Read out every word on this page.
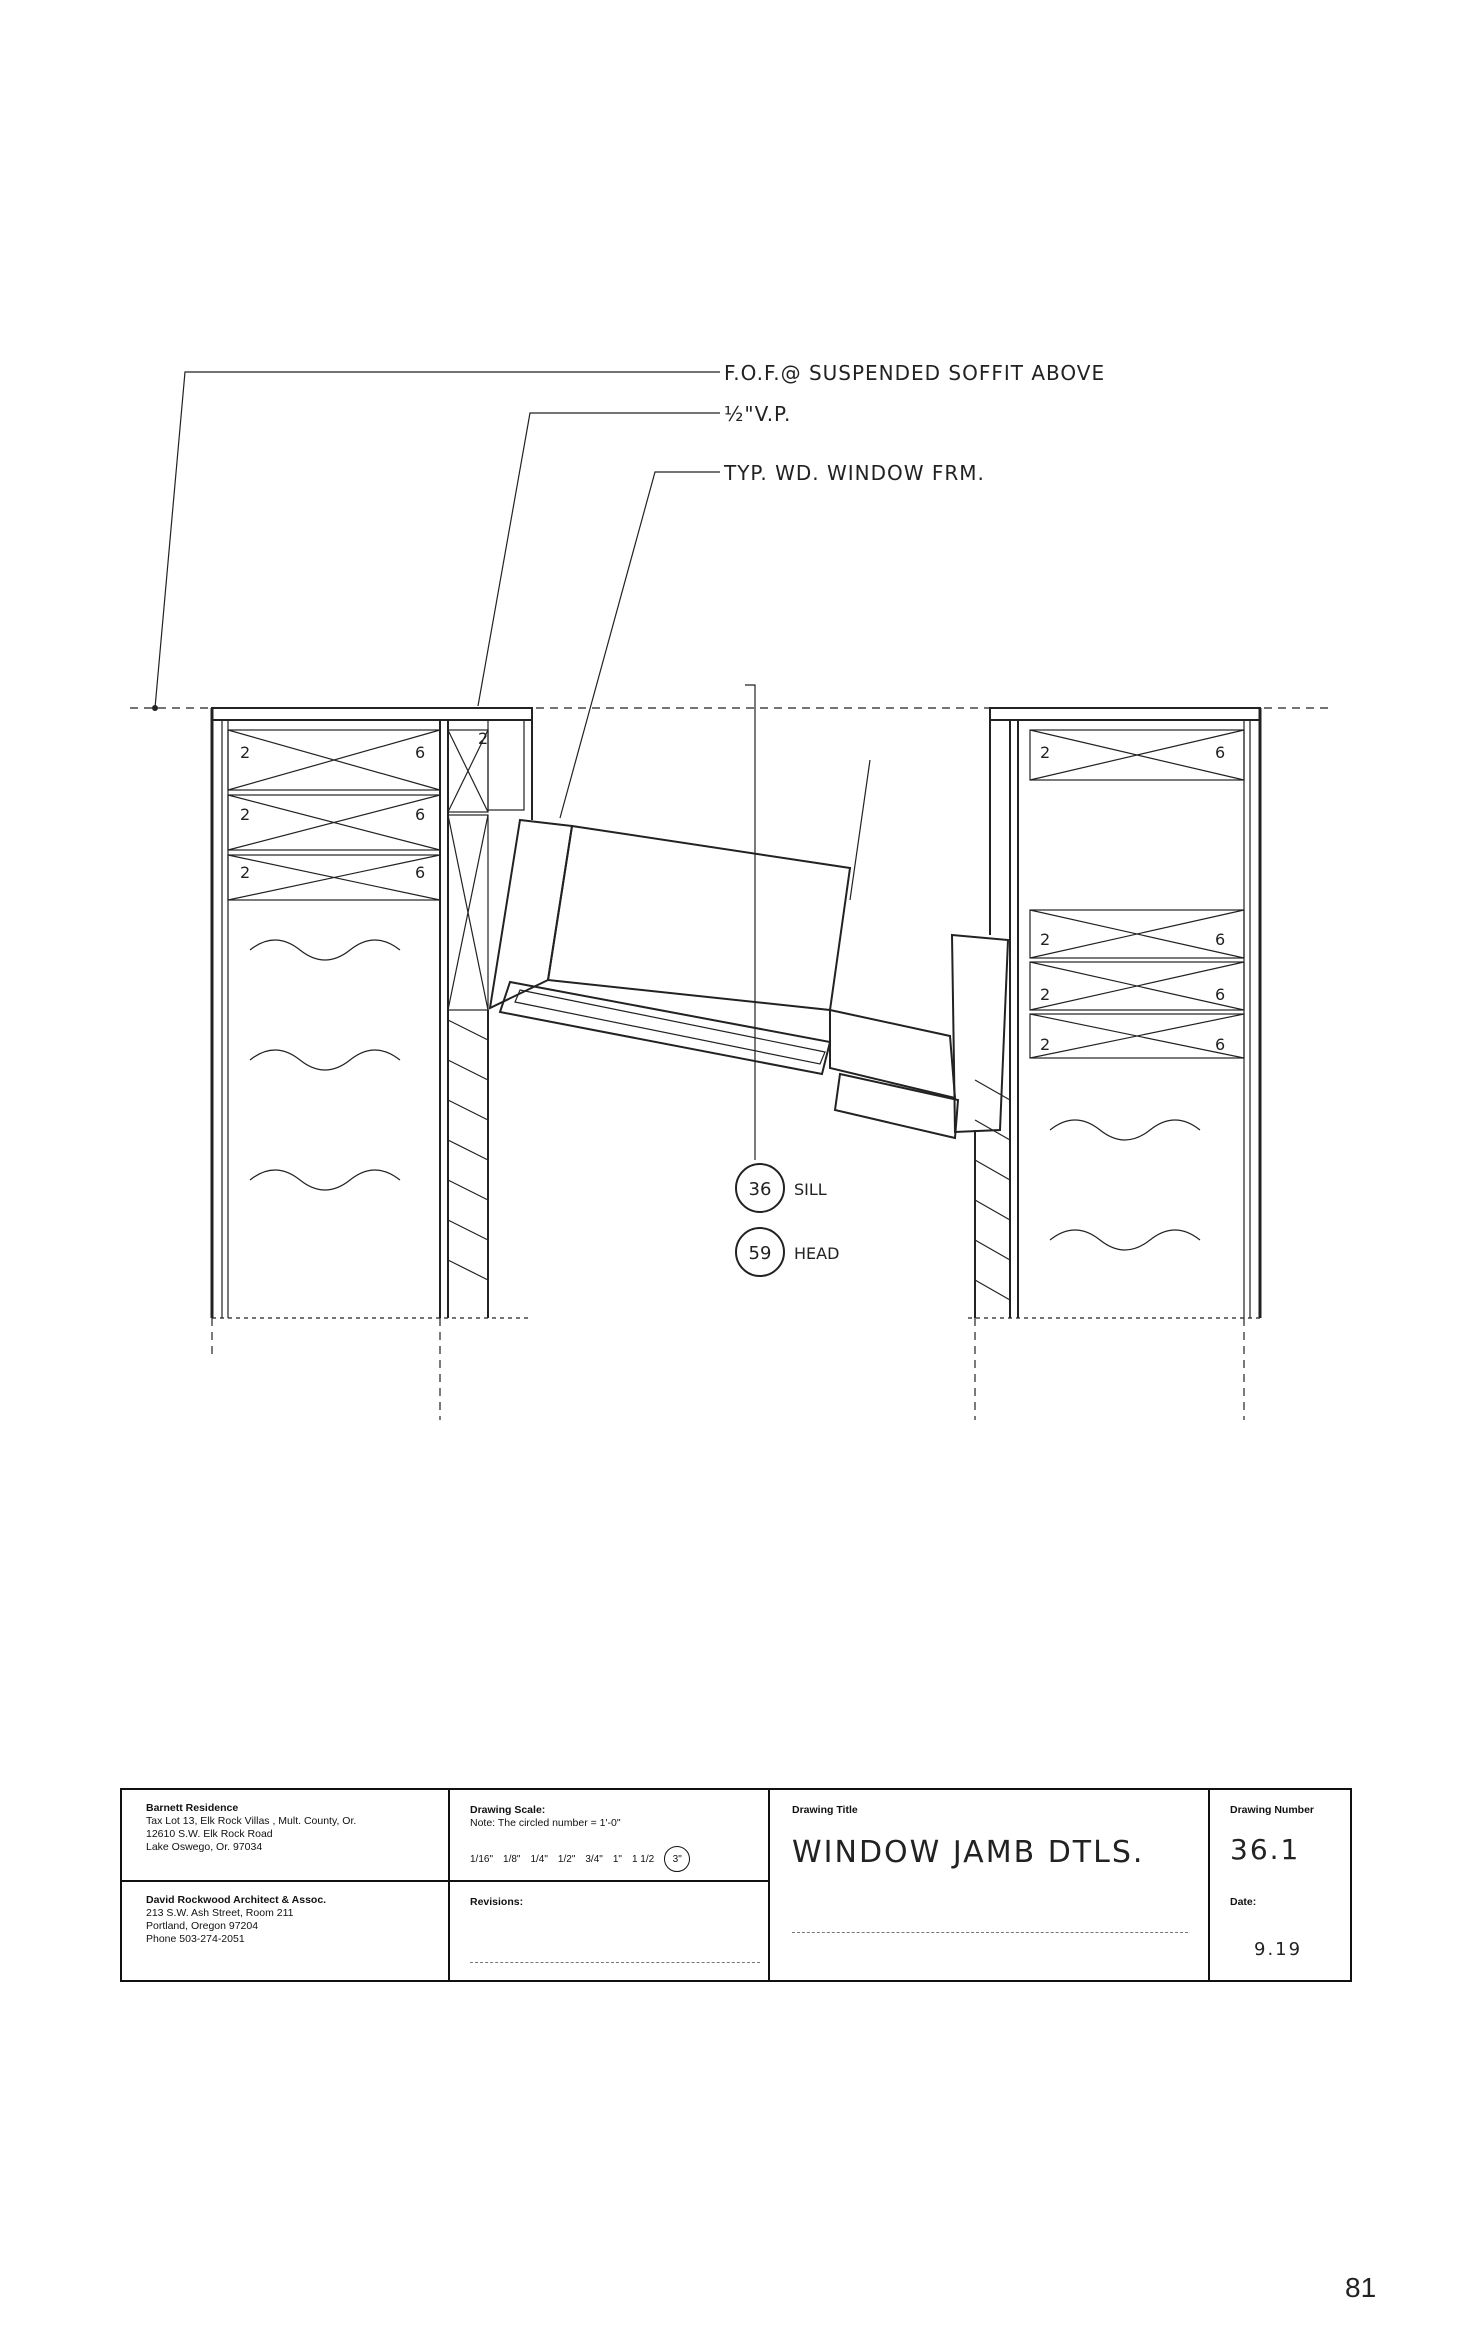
F.O.F.@ SUSPENDED SOFFIT ABOVE
½"V.P.
TYP. WD. WINDOW FRM.
2	6
2	6
2	6
2
2	6
2	6
2	6
2	6
36 SILL
59 HEAD
Barnett Residence
Tax Lot 13, Elk Rock Villas , Mult. County, Or.
12610 S.W. Elk Rock Road
Lake Oswego, Or. 97034
David Rockwood Architect & Assoc.
213 S.W. Ash Street, Room 211
Portland, Oregon 97204
Phone 503-274-2051
Drawing Scale:
Note: The circled number = 1'-0"
1/16" 1/8" 1/4" 1/2" 3/4" 1" 1 1/2	3"
Revisions:
Drawing Title
WINDOW JAMB DTLS.
Drawing Number
36.1
Date:
9.19
81
